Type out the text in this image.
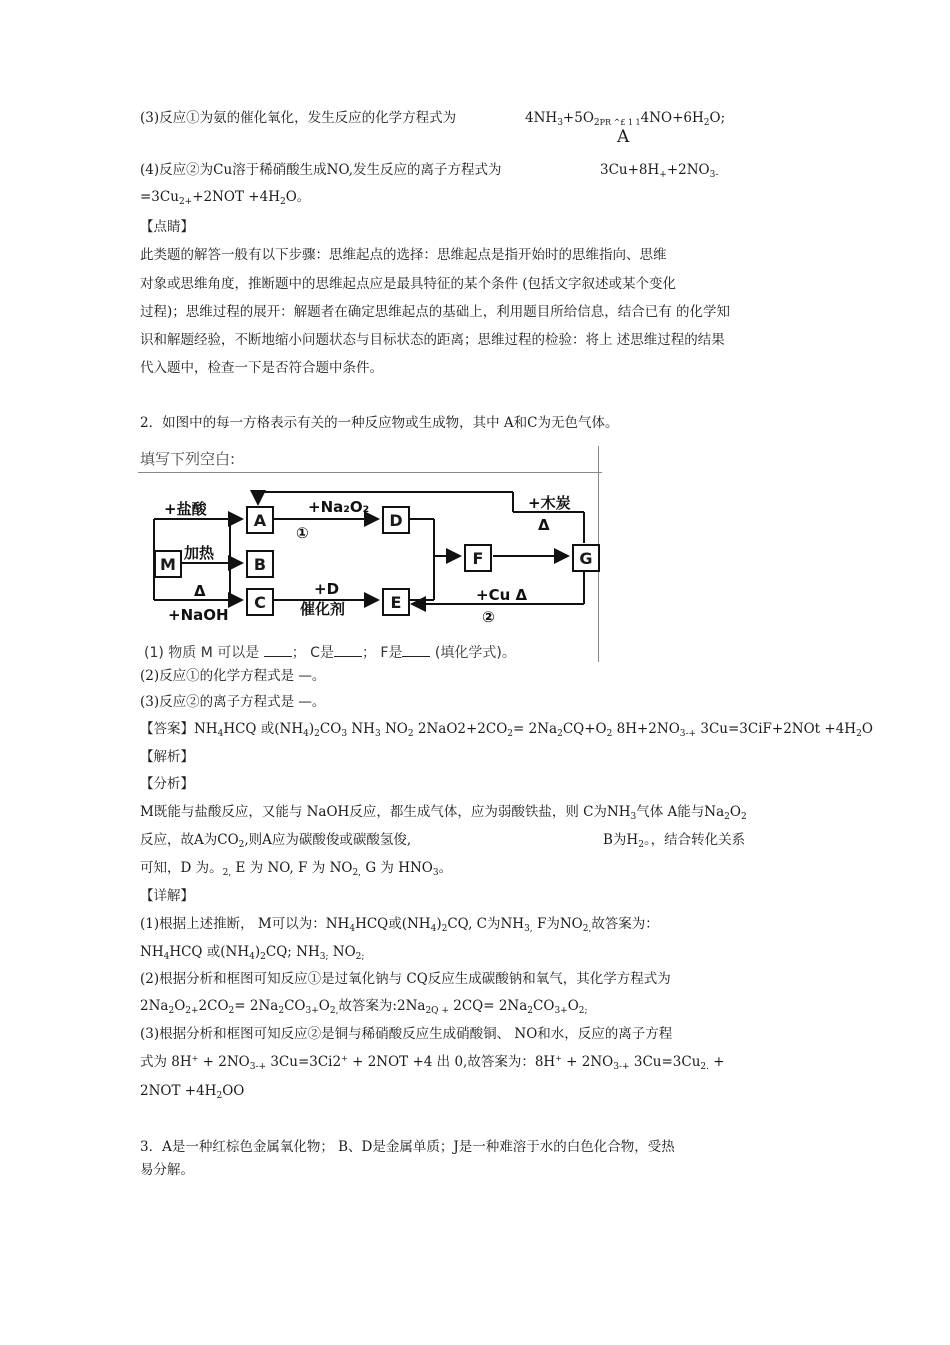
(3)反应①为氨的催化氧化，发生反应的化学方程式为	$4NH_3+5O_{2PR \^{}£ 1 1}4NO+6H_2O$;
A
(4)反应②为Cu溶于稀硝酸生成NO,发生反应的离子方程式为	$3Cu+8H_++2NO_{3-}$
$=3Cu_{2+}+2NOT +4H_2O$。
【点睛】
此类题的解答一般有以下步骤：思维起点的选择：思维起点是指开始时的思维指向、思维
对象或思维角度，推断题中的思维起点应是最具特征的某个条件 (包括文字叙述或某个变化
过程)；思维过程的展开：解题者在确定思维起点的基础上，利用题目所给信息，结合已有 的化学知
识和解题经验，不断地缩小问题状态与目标状态的距离；思维过程的检验：将上 述思维过程的结果
代入题中，检查一下是否符合题中条件。
2．如图中的每一方格表示有关的一种反应物或生成物，其中 A和C为无色气体。
填写下列空白:
M
A
B
C
D
E
F	G
+盐酸
加热
Δ
+NaOH
+Na₂O₂
①
+D
催化剂
+木炭
Δ
+Cu Δ
②
(1) 物质 M 可以是 ； C是 ； F是 (填化学式)。
(2)反应①的化学方程式是 —。
(3)反应②的离子方程式是 —。
【答案】$NH_4HCQ$ 或$(NH_4)_2CO_3$ $NH_3$ $NO_2$ $2NaO2+2CO_2= 2Na_2CQ+O_2$ $8H+2NO_{3-+}$ $3Cu=3CiF+2NOt +4H_2O$
【解析】
【分析】
M既能与盐酸反应，又能与 NaOH反应，都生成气体，应为弱酸铁盐，则 C为$NH_3$气体 A能与$Na_2O_2$
反应，故A为$CO_2$,则A应为碳酸俊或碳酸氢俊,	B为$H_2$。，结合转化关系
可知，D 为。$_{2,}$ E 为 NO, F 为 $NO_{2,}$ G 为 $HNO_3$。
【详解】
(1)根据上述推断， M可以为：$NH_4HCQ$或$(NH_4)_2CQ$, C为$NH_{3,}$ F为$NO_{2,}$故答案为：
$NH_4HCQ$ 或$(NH_4)_2CQ$; $NH_{3;}$ $NO_{2;}$
(2)根据分析和框图可知反应①是过氧化钠与 CQ反应生成碳酸钠和氧气，其化学方程式为
$2Na_2O_{2+}2CO_2= 2Na_2CO_{3+}O_{2,}$故答案为$:2Na_{2Q +}$ $2CQ= 2Na_2CO_{3+}O_{2;}$
(3)根据分析和框图可知反应②是铜与稀硝酸反应生成硝酸铜、 NO和水，反应的离子方程
式为 $8H^+ + 2NO_{3-+}$ 3Cu=3Ci2+ + 2NOT +4 出 0,故答案为：$8H^+ + 2NO_{3-+}$ $3Cu=3Cu_{2.}$ +
$2NOT +4H_2OO$
3．A是一种红棕色金属氧化物； B、D是金属单质；J是一种难溶于水的白色化合物，受热
易分解。
